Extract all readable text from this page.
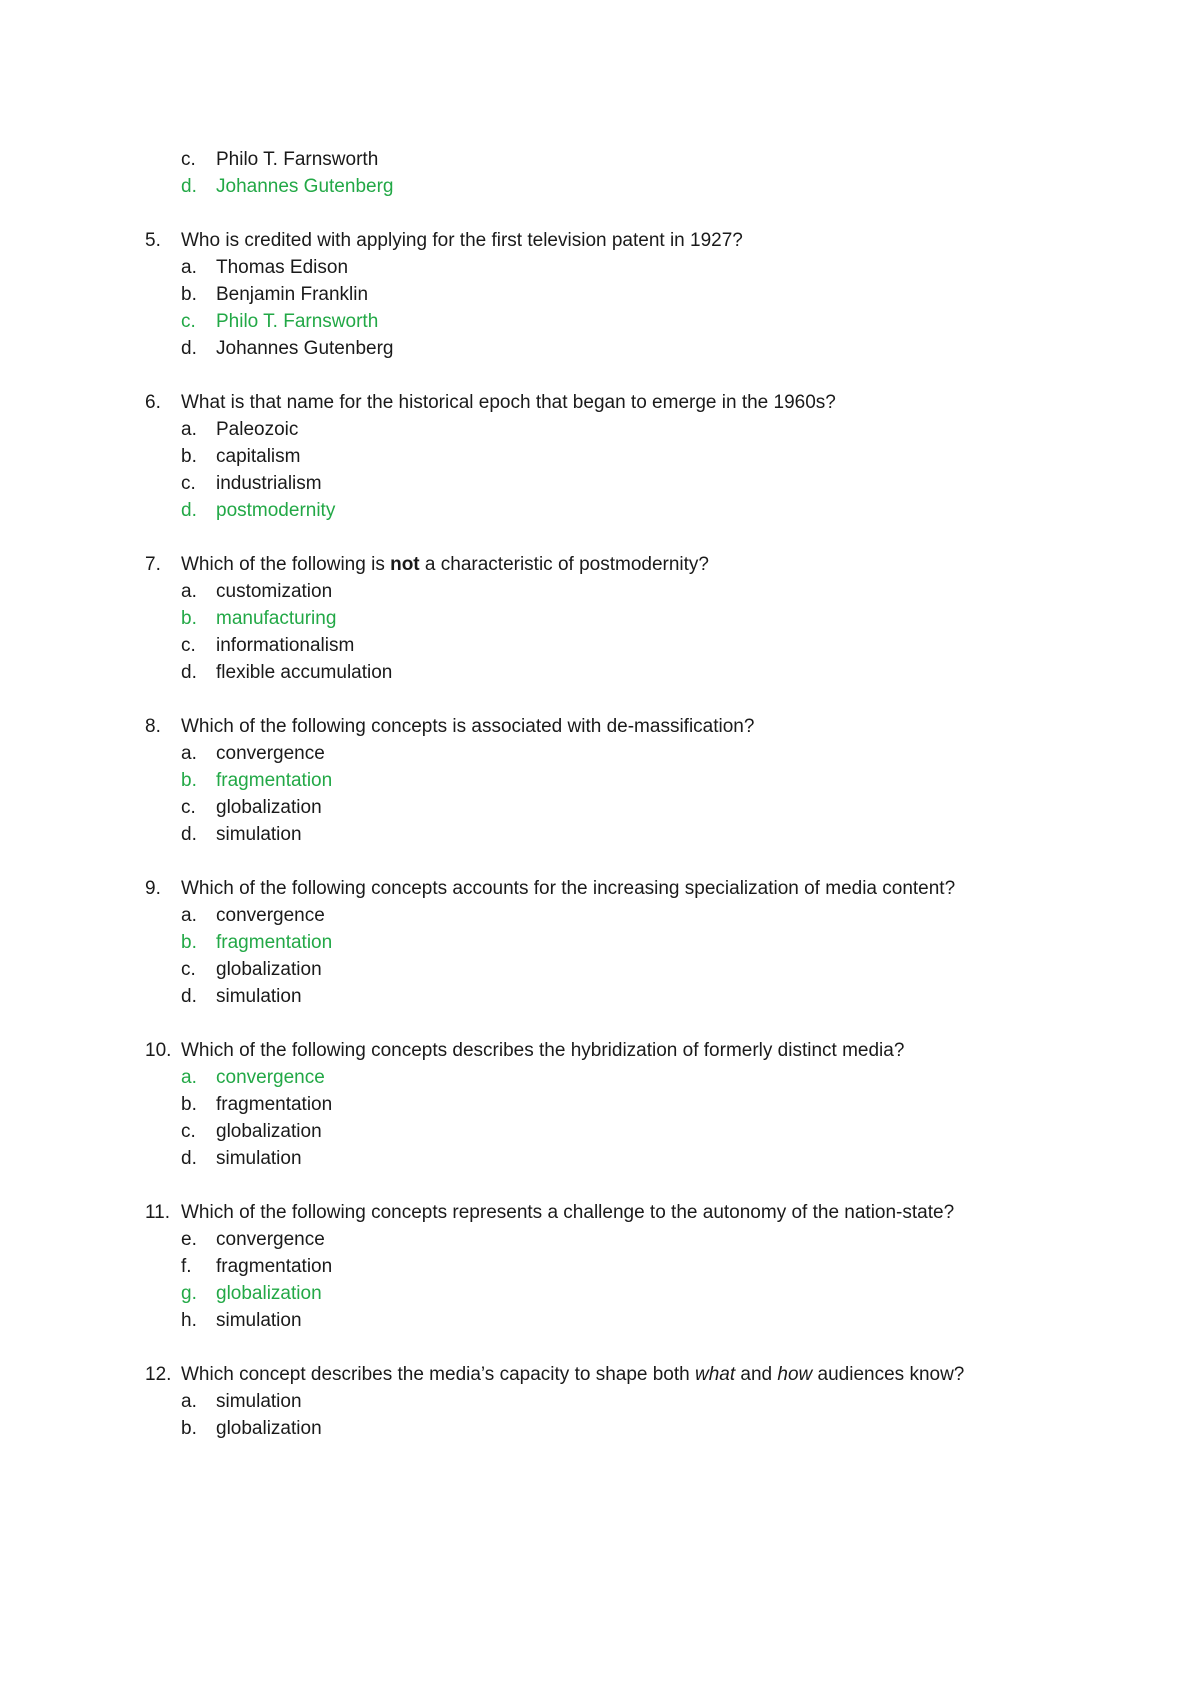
c.	Philo T. Farnsworth
d.	Johannes Gutenberg
5.	Who is credited with applying for the first television patent in 1927?
a.	Thomas Edison
b.	Benjamin Franklin
c.	Philo T. Farnsworth
d.	Johannes Gutenberg
6.	What is that name for the historical epoch that began to emerge in the 1960s?
a.	Paleozoic
b.	capitalism
c.	industrialism
d.	postmodernity
7.	Which of the following is not a characteristic of postmodernity?
a.	customization
b.	manufacturing
c.	informationalism
d.	flexible accumulation
8.	Which of the following concepts is associated with de-massification?
a.	convergence
b.	fragmentation
c.	globalization
d.	simulation
9.	Which of the following concepts accounts for the increasing specialization of media content?
a.	convergence
b.	fragmentation
c.	globalization
d.	simulation
10. Which of the following concepts describes the hybridization of formerly distinct media?
a.	convergence
b.	fragmentation
c.	globalization
d.	simulation
11. Which of the following concepts represents a challenge to the autonomy of the nation-state?
e.	convergence
f.	fragmentation
g.	globalization
h.	simulation
12. Which concept describes the media’s capacity to shape both what and how audiences know?
a.	simulation
b.	globalization
